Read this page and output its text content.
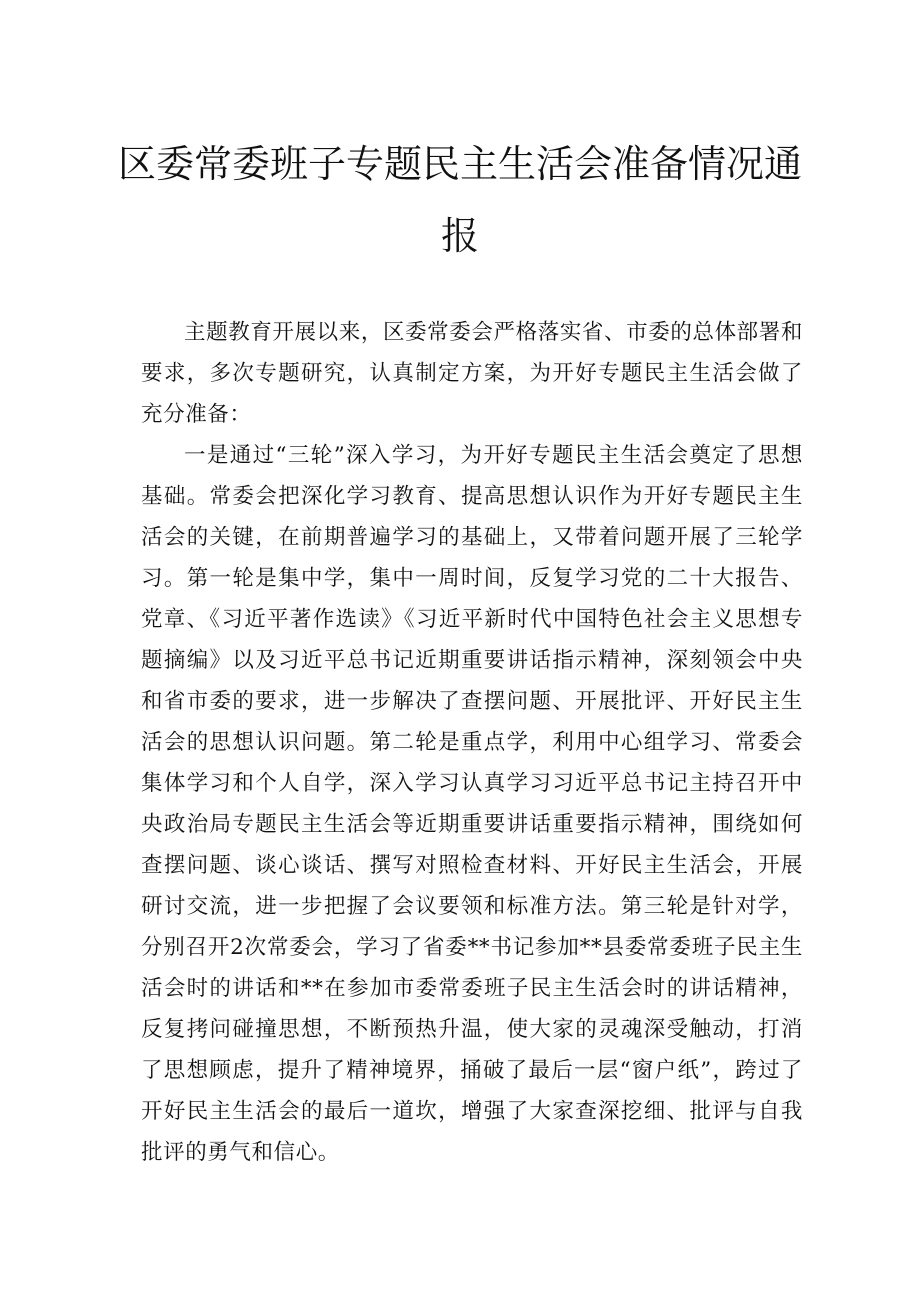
区委常委班子专题民主生活会准备情况通报

主题教育开展以来，区委常委会严格落实省、市委的总体部署和要求，多次专题研究，认真制定方案，为开好专题民主生活会做了充分准备：

一是通过“三轮”深入学习，为开好专题民主生活会奠定了思想基础。常委会把深化学习教育、提高思想认识作为开好专题民主生活会的关键，在前期普遍学习的基础上，又带着问题开展了三轮学习。第一轮是集中学，集中一周时间，反复学习党的二十大报告、党章、《习近平著作选读》《习近平新时代中国特色社会主义思想专题摘编》以及习近平总书记近期重要讲话指示精神，深刻领会中央和省市委的要求，进一步解决了查摆问题、开展批评、开好民主生活会的思想认识问题。第二轮是重点学，利用中心组学习、常委会集体学习和个人自学，深入学习认真学习习近平总书记主持召开中央政治局专题民主生活会等近期重要讲话重要指示精神，围绕如何查摆问题、谈心谈话、撰写对照检查材料、开好民主生活会，开展研讨交流，进一步把握了会议要领和标准方法。第三轮是针对学，分别召开2次常委会，学习了省委**书记参加**县委常委班子民主生活会时的讲话和**在参加市委常委班子民主生活会时的讲话精神，反复拷问碰撞思想，不断预热升温，使大家的灵魂深受触动，打消了思想顾虑，提升了精神境界，捅破了最后一层“窗户纸”，跨过了开好民主生活会的最后一道坎，增强了大家查深挖细、批评与自我批评的勇气和信心。
